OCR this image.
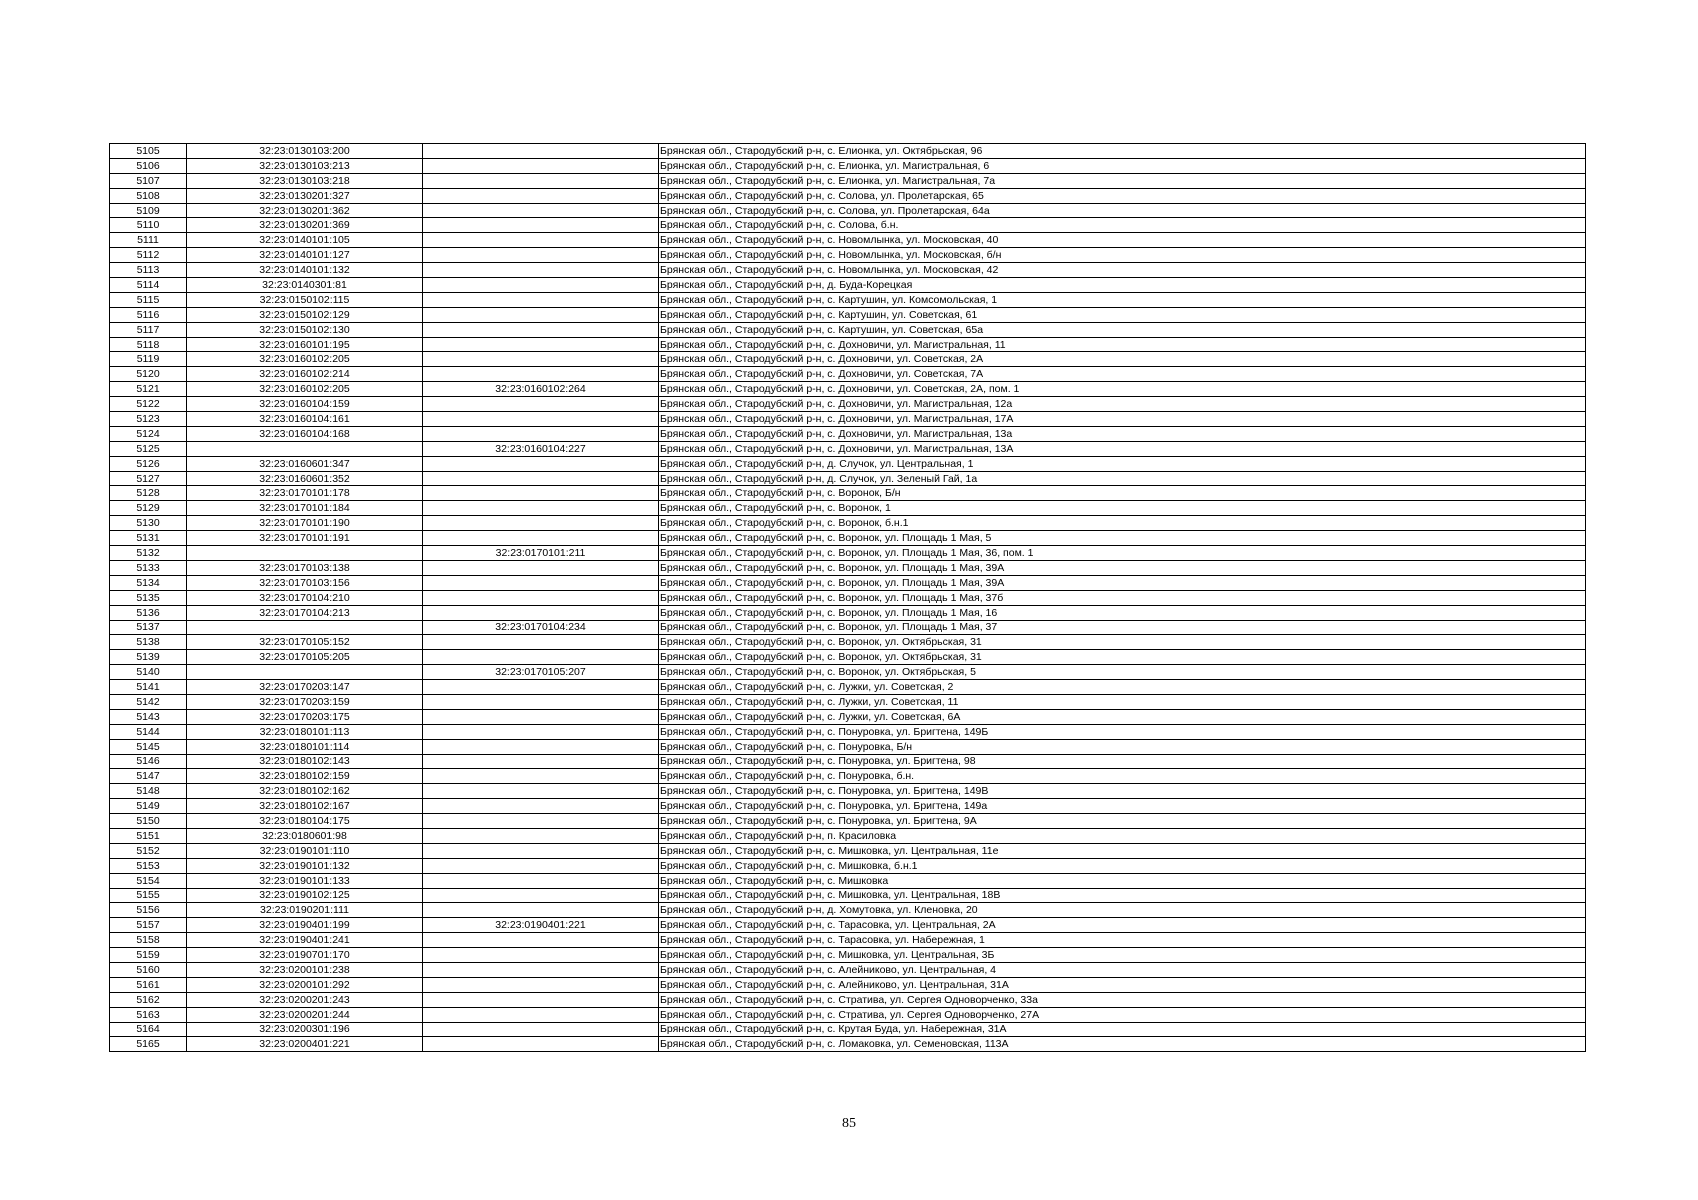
5105	32:23:0130103:200		Брянская обл., Стародубский р-н, с. Елионка, ул. Октябрьская, 96
5106	32:23:0130103:213		Брянская обл., Стародубский р-н, с. Елионка, ул. Магистральная, 6
5107	32:23:0130103:218		Брянская обл., Стародубский р-н, с. Елионка, ул. Магистральная, 7а
5108	32:23:0130201:327		Брянская обл., Стародубский р-н, с. Солова, ул. Пролетарская, 65
5109	32:23:0130201:362		Брянская обл., Стародубский р-н, с. Солова, ул. Пролетарская, 64а
5110	32:23:0130201:369		Брянская обл., Стародубский р-н, с. Солова, б.н.
5111	32:23:0140101:105		Брянская обл., Стародубский р-н, с. Новомлынка, ул. Московская, 40
5112	32:23:0140101:127		Брянская обл., Стародубский р-н, с. Новомлынка, ул. Московская, б/н
5113	32:23:0140101:132		Брянская обл., Стародубский р-н, с. Новомлынка, ул. Московская, 42
5114	32:23:0140301:81		Брянская обл., Стародубский р-н, д. Буда-Корецкая
5115	32:23:0150102:115		Брянская обл., Стародубский р-н, с. Картушин, ул. Комсомольская, 1
5116	32:23:0150102:129		Брянская обл., Стародубский р-н, с. Картушин, ул. Советская, 61
5117	32:23:0150102:130		Брянская обл., Стародубский р-н, с. Картушин, ул. Советская, 65а
5118	32:23:0160101:195		Брянская обл., Стародубский р-н, с. Дохновичи, ул. Магистральная, 11
5119	32:23:0160102:205		Брянская обл., Стародубский р-н, с. Дохновичи, ул. Советская, 2А
5120	32:23:0160102:214		Брянская обл., Стародубский р-н, с. Дохновичи, ул. Советская, 7А
5121	32:23:0160102:205	32:23:0160102:264	Брянская обл., Стародубский р-н, с. Дохновичи, ул. Советская, 2А, пом. 1
5122	32:23:0160104:159		Брянская обл., Стародубский р-н, с. Дохновичи, ул. Магистральная, 12а
5123	32:23:0160104:161		Брянская обл., Стародубский р-н, с. Дохновичи, ул. Магистральная, 17А
5124	32:23:0160104:168		Брянская обл., Стародубский р-н, с. Дохновичи, ул. Магистральная, 13а
5125		32:23:0160104:227	Брянская обл., Стародубский р-н, с. Дохновичи, ул. Магистральная, 13А
5126	32:23:0160601:347		Брянская обл., Стародубский р-н, д. Случок, ул. Центральная, 1
5127	32:23:0160601:352		Брянская обл., Стародубский р-н, д. Случок, ул. Зеленый Гай, 1а
5128	32:23:0170101:178		Брянская обл., Стародубский р-н, с. Воронок, Б/н
5129	32:23:0170101:184		Брянская обл., Стародубский р-н, с. Воронок, 1
5130	32:23:0170101:190		Брянская обл., Стародубский р-н, с. Воронок, б.н.1
5131	32:23:0170101:191		Брянская обл., Стародубский р-н, с. Воронок, ул. Площадь 1 Мая, 5
5132		32:23:0170101:211	Брянская обл., Стародубский р-н, с. Воронок, ул. Площадь 1 Мая, 36, пом. 1
5133	32:23:0170103:138		Брянская обл., Стародубский р-н, с. Воронок, ул. Площадь 1 Мая, 39А
5134	32:23:0170103:156		Брянская обл., Стародубский р-н, с. Воронок, ул. Площадь 1 Мая, 39А
5135	32:23:0170104:210		Брянская обл., Стародубский р-н, с. Воронок, ул. Площадь 1 Мая, 37б
5136	32:23:0170104:213		Брянская обл., Стародубский р-н, с. Воронок, ул. Площадь 1 Мая, 16
5137		32:23:0170104:234	Брянская обл., Стародубский р-н, с. Воронок, ул. Площадь 1 Мая, 37
5138	32:23:0170105:152		Брянская обл., Стародубский р-н, с. Воронок, ул. Октябрьская, 31
5139	32:23:0170105:205		Брянская обл., Стародубский р-н, с. Воронок, ул. Октябрьская, 31
5140		32:23:0170105:207	Брянская обл., Стародубский р-н, с. Воронок, ул. Октябрьская, 5
5141	32:23:0170203:147		Брянская обл., Стародубский р-н, с. Лужки, ул. Советская, 2
5142	32:23:0170203:159		Брянская обл., Стародубский р-н, с. Лужки, ул. Советская, 11
5143	32:23:0170203:175		Брянская обл., Стародубский р-н, с. Лужки, ул. Советская, 6А
5144	32:23:0180101:113		Брянская обл., Стародубский р-н, с. Понуровка, ул. Бригтена, 149Б
5145	32:23:0180101:114		Брянская обл., Стародубский р-н, с. Понуровка, Б/н
5146	32:23:0180102:143		Брянская обл., Стародубский р-н, с. Понуровка, ул. Бригтена, 98
5147	32:23:0180102:159		Брянская обл., Стародубский р-н, с. Понуровка, б.н.
5148	32:23:0180102:162		Брянская обл., Стародубский р-н, с. Понуровка, ул. Бригтена, 149В
5149	32:23:0180102:167		Брянская обл., Стародубский р-н, с. Понуровка, ул. Бригтена, 149а
5150	32:23:0180104:175		Брянская обл., Стародубский р-н, с. Понуровка, ул. Бригтена, 9А
5151	32:23:0180601:98		Брянская обл., Стародубский р-н, п. Красиловка
5152	32:23:0190101:110		Брянская обл., Стародубский р-н, с. Мишковка, ул. Центральная, 11е
5153	32:23:0190101:132		Брянская обл., Стародубский р-н, с. Мишковка, б.н.1
5154	32:23:0190101:133		Брянская обл., Стародубский р-н, с. Мишковка
5155	32:23:0190102:125		Брянская обл., Стародубский р-н, с. Мишковка, ул. Центральная, 18В
5156	32:23:0190201:111		Брянская обл., Стародубский р-н, д. Хомутовка, ул. Кленовка, 20
5157	32:23:0190401:199	32:23:0190401:221	Брянская обл., Стародубский р-н, с. Тарасовка, ул. Центральная, 2А
5158	32:23:0190401:241		Брянская обл., Стародубский р-н, с. Тарасовка, ул. Набережная, 1
5159	32:23:0190701:170		Брянская обл., Стародубский р-н, с. Мишковка, ул. Центральная, 3Б
5160	32:23:0200101:238		Брянская обл., Стародубский р-н, с. Алейниково, ул. Центральная, 4
5161	32:23:0200101:292		Брянская обл., Стародубский р-н, с. Алейниково, ул. Центральная, 31А
5162	32:23:0200201:243		Брянская обл., Стародубский р-н, с. Стратива, ул. Сергея Одноворченко, 33а
5163	32:23:0200201:244		Брянская обл., Стародубский р-н, с. Стратива, ул. Сергея Одноворченко, 27А
5164	32:23:0200301:196		Брянская обл., Стародубский р-н, с. Крутая Буда, ул. Набережная, 31А
5165	32:23:0200401:221		Брянская обл., Стародубский р-н, с. Ломаковка, ул. Семеновская, 113А
85
